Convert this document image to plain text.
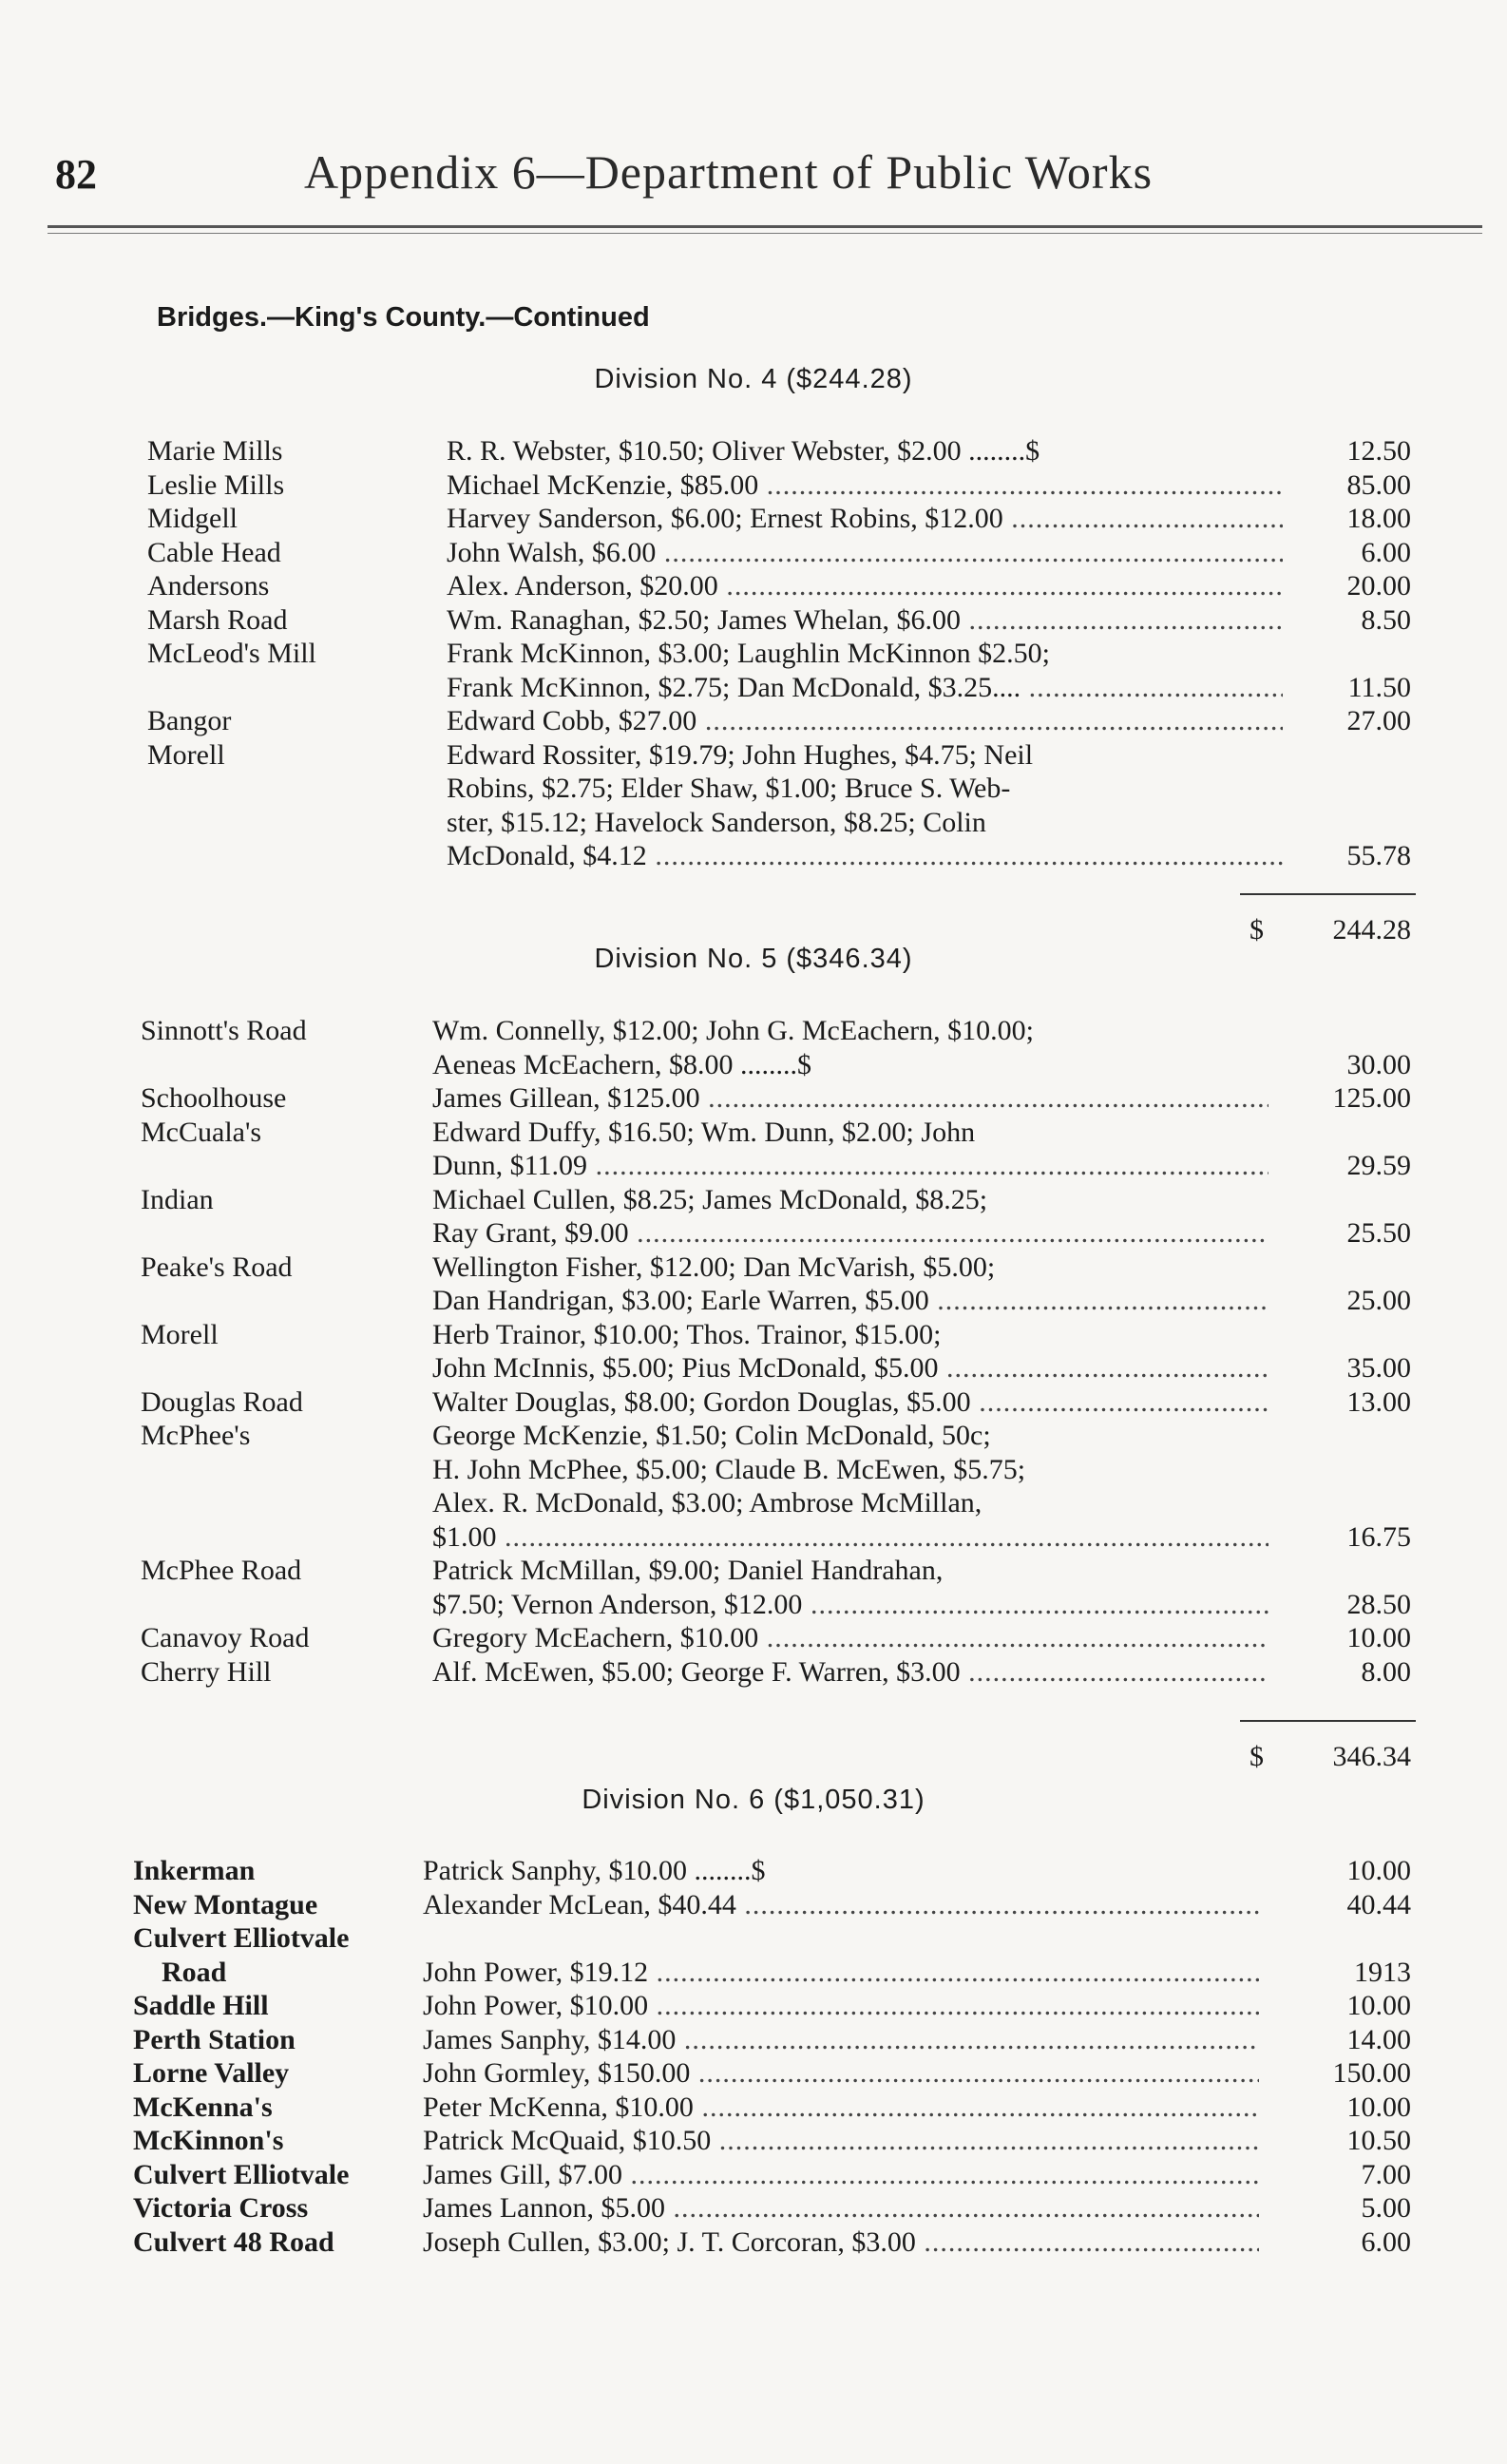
82	Appendix 6—Department of Public Works
Bridges.—King's County.—Continued
Division No. 4 ($244.28)
Marie Mills	R. R. Webster, $10.50; Oliver Webster, $2.00 ........$	12.50
Leslie Mills	Michael McKenzie, $85.00 .....	85.00
Midgell	Harvey Sanderson, $6.00; Ernest Robins, $12.00 .....	18.00
Cable Head	John Walsh, $6.00 .....	6.00
Andersons	Alex. Anderson, $20.00 .....	20.00
Marsh Road	Wm. Ranaghan, $2.50; James Whelan, $6.00 .....	8.50
McLeod's Mill	Frank McKinnon, $3.00; Laughlin McKinnon $2.50;
Frank McKinnon, $2.75; Dan McDonald, $3.25.... .....	11.50
Bangor	Edward Cobb, $27.00 .....	27.00
Morell	Edward Rossiter, $19.79; John Hughes, $4.75; Neil
Robins, $2.75; Elder Shaw, $1.00; Bruce S. Web-
ster, $15.12; Havelock Sanderson, $8.25; Colin
McDonald, $4.12 .....	55.78
$	244.28
Division No. 5 ($346.34)
Sinnott's Road	Wm. Connelly, $12.00; John G. McEachern, $10.00;
Aeneas McEachern, $8.00 ........$	30.00
Schoolhouse	James Gillean, $125.00 .....	125.00
McCuala's	Edward Duffy, $16.50; Wm. Dunn, $2.00; John
Dunn, $11.09 .....	29.59
Indian	Michael Cullen, $8.25; James McDonald, $8.25;
Ray Grant, $9.00 .....	25.50
Peake's Road	Wellington Fisher, $12.00; Dan McVarish, $5.00;
Dan Handrigan, $3.00; Earle Warren, $5.00 .....	25.00
Morell	Herb Trainor, $10.00; Thos. Trainor, $15.00;
John McInnis, $5.00; Pius McDonald, $5.00 .....	35.00
Douglas Road	Walter Douglas, $8.00; Gordon Douglas, $5.00 .....	13.00
McPhee's	George McKenzie, $1.50; Colin McDonald, 50c;
H. John McPhee, $5.00; Claude B. McEwen, $5.75;
Alex. R. McDonald, $3.00; Ambrose McMillan,
$1.00 .....	16.75
McPhee Road	Patrick McMillan, $9.00; Daniel Handrahan,
$7.50; Vernon Anderson, $12.00 .....	28.50
Canavoy Road	Gregory McEachern, $10.00 .....	10.00
Cherry Hill	Alf. McEwen, $5.00; George F. Warren, $3.00 .....	8.00
$	346.34
Division No. 6 ($1,050.31)
Inkerman	Patrick Sanphy, $10.00 ........$	10.00
New Montague	Alexander McLean, $40.44 .....	40.44
Culvert Elliotvale
Road	John Power, $19.12 .....	1913
Saddle Hill	John Power, $10.00 .....	10.00
Perth Station	James Sanphy, $14.00 .....	14.00
Lorne Valley	John Gormley, $150.00 .....	150.00
McKenna's	Peter McKenna, $10.00 .....	10.00
McKinnon's	Patrick McQuaid, $10.50 .....	10.50
Culvert Elliotvale	James Gill, $7.00 .....	7.00
Victoria Cross	James Lannon, $5.00 .....	5.00
Culvert 48 Road	Joseph Cullen, $3.00; J. T. Corcoran, $3.00 .....	6.00
